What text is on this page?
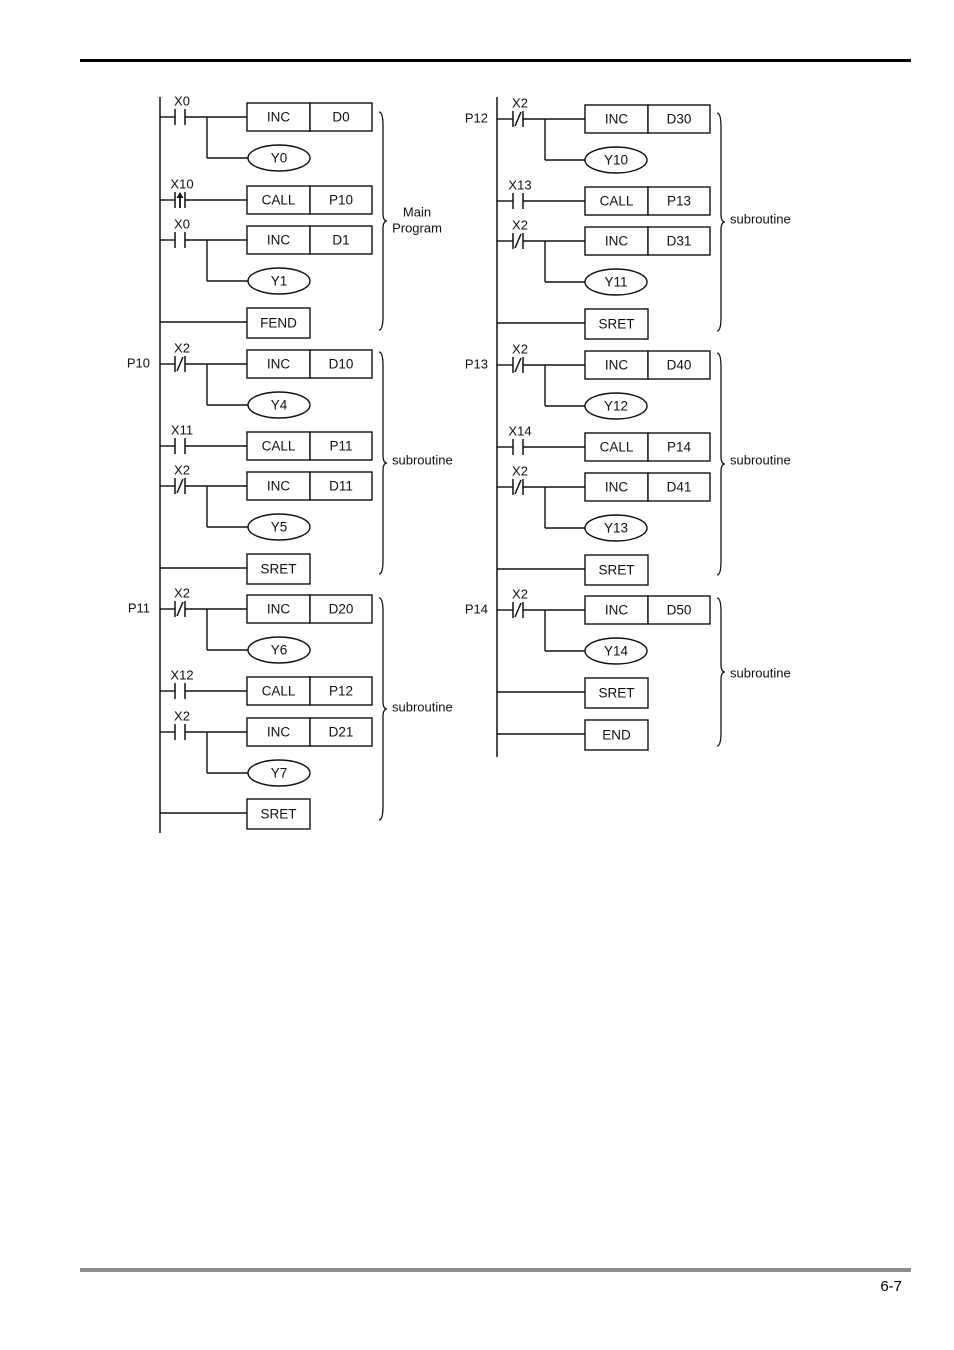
X0
Y0
INC	D0
X10
CALL P10
X0
Y1
INC	D1
FEND
P10
X2
Y4
INC	D10
X11
CALL	P11
X2
Y5
INC	D11
SRET
P11
X2
Y6
INC	D20
X12
CALL P12
X2
Y7
INC	D21
SRET
Main
Program
subroutine
subroutine
P12
X2
Y10
INC	D30
X13
CALL P13
X2
Y11
INC	D31
SRET
P13
X2
Y12
INC	D40
X14
CALL P14
X2
Y13
INC	D41
SRET
P14
X2
Y14
INC	D50
SRET
END
subroutine
subroutine
subroutine
6-7
